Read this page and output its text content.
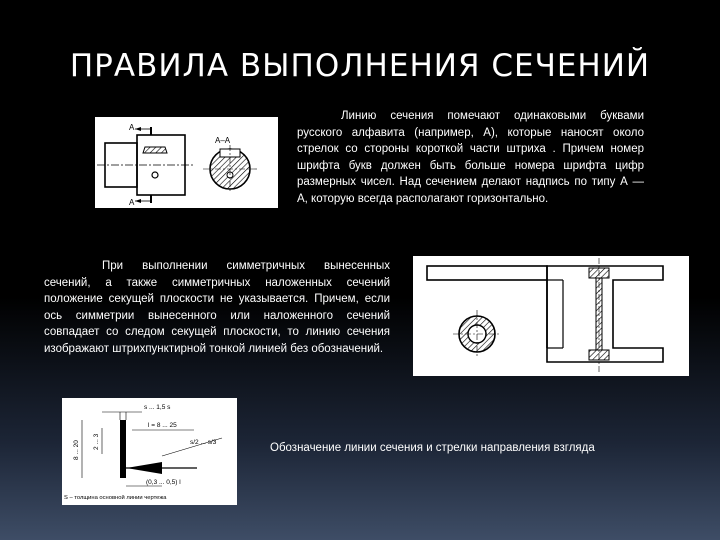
ПРАВИЛА ВЫПОЛНЕНИЯ СЕЧЕНИЙ
А
А
А–А
Линию сечения помечают одинаковыми буквами русского алфавита (например, А), которые наносят около стрелок со стороны короткой части штриха . Причем номер шрифта букв должен быть больше номера шрифта цифр размерных чисел. Над сечением делают надпись по типу А — А, которую всегда располагают горизонтально.
При выполнении симметричных вынесенных сечений, а также симметричных наложенных сечений положение секущей плоскости не указывается. Причем, если ось симметрии вынесенного или наложенного сечений совпадает со следом секущей плоскости, то линию сечения изображают штрихпунктирной тонкой линией без обозначений.
s ... 1,5 s
l = 8 ... 25
s/2 ... s/3
8 ... 20 2 ... 3
(0,3 ... 0,5) l
S – толщина основной линии чертежа
Обозначение линии сечения и стрелки направления взгляда
